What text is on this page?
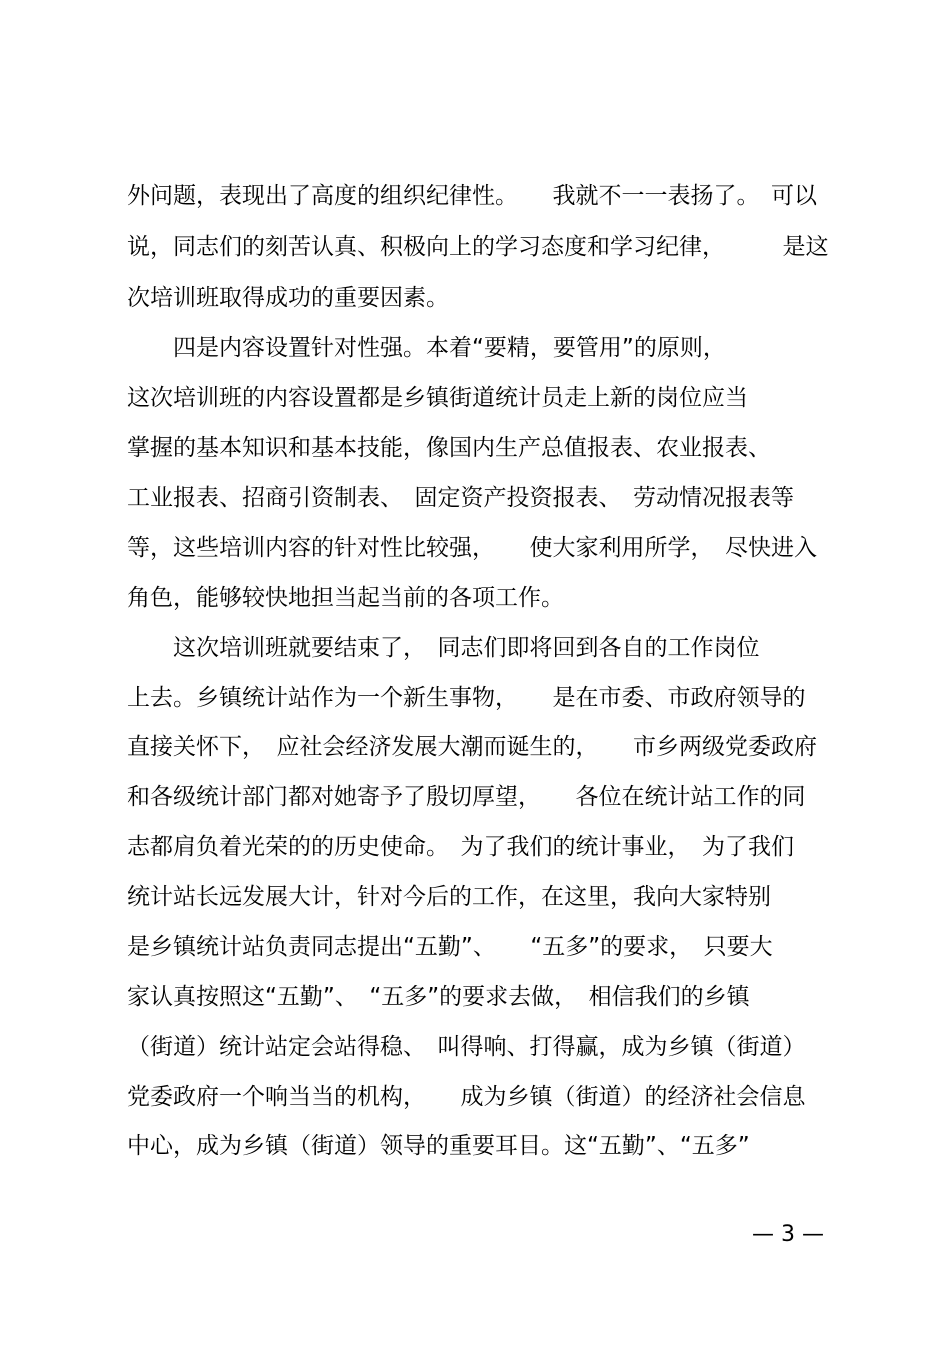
外问题，表现出了高度的组织纪律性。　　我就不一一表扬了。　可以
说，同志们的刻苦认真、积极向上的学习态度和学习纪律，　　　是这
次培训班取得成功的重要因素。
　　四是内容设置针对性强。本着“要精，要管用”的原则，
这次培训班的内容设置都是乡镇街道统计员走上新的岗位应当
掌握的基本知识和基本技能，像国内生产总值报表、农业报表、
工业报表、招商引资制表、　固定资产投资报表、　劳动情况报表等
等，这些培训内容的针对性比较强，　　使大家利用所学，　尽快进入
角色，能够较快地担当起当前的各项工作。
　　这次培训班就要结束了，　同志们即将回到各自的工作岗位
上去。乡镇统计站作为一个新生事物，　　是在市委、市政府领导的
直接关怀下，　应社会经济发展大潮而诞生的，　　市乡两级党委政府
和各级统计部门都对她寄予了殷切厚望，　　各位在统计站工作的同
志都肩负着光荣的的历史使命。　为了我们的统计事业，　为了我们
统计站长远发展大计，针对今后的工作，在这里，我向大家特别
是乡镇统计站负责同志提出“五勤”、　　“五多”的要求，　只要大
家认真按照这“五勤”、　“五多”的要求去做，　相信我们的乡镇
（街道）统计站定会站得稳、　叫得响、打得赢，成为乡镇（街道）
党委政府一个响当当的机构，　　成为乡镇（街道）的经济社会信息
中心，成为乡镇（街道）领导的重要耳目。这“五勤”、“五多”
— 3 —
